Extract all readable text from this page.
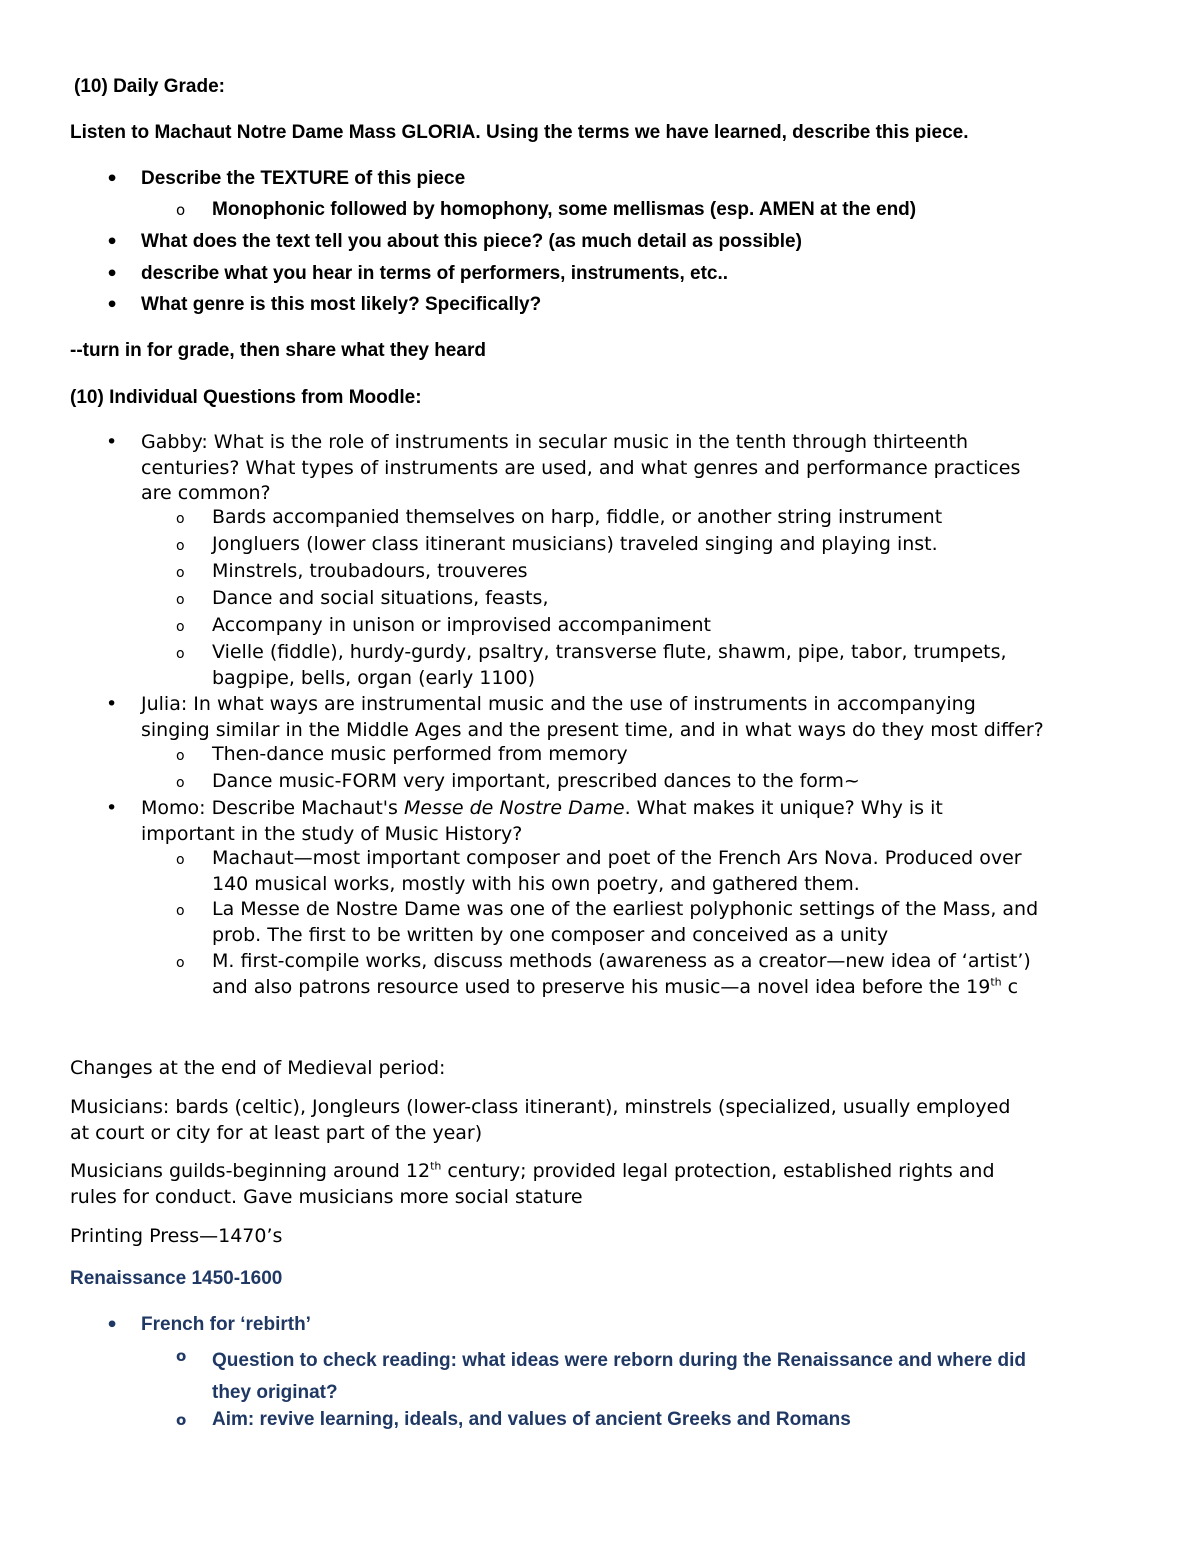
(10) Daily Grade:

Listen to Machaut Notre Dame Mass GLORIA. Using the terms we have learned, describe this piece.

• Describe the TEXTURE of this piece

o Monophonic followed by homophony, some mellismas (esp. AMEN at the end)

• What does the text tell you about this piece? (as much detail as possible)

• describe what you hear in terms of performers, instruments, etc..

• What genre is this most likely? Specifically?

--turn in for grade, then share what they heard

(10) Individual Questions from Moodle:

• Gabby: What is the role of instruments in secular music in the tenth through thirteenth
centuries? What types of instruments are used, and what genres and performance practices
are common?
o Bards accompanied themselves on harp, fiddle, or another string instrument

o Jongluers (lower class itinerant musicians) traveled singing and playing inst.

o Minstrels, troubadours, trouveres

o Dance and social situations, feasts,

o Accompany in unison or improvised accompaniment

o Vielle (fiddle), hurdy-gurdy, psaltry, transverse flute, shawm, pipe, tabor, trumpets,
bagpipe, bells, organ (early 1100)
• Julia: In what ways are instrumental music and the use of instruments in accompanying
singing similar in the Middle Ages and the present time, and in what ways do they most differ?
o Then-dance music performed from memory

o Dance music-FORM very important, prescribed dances to the form~

• Momo: Describe Machaut's Messe de Nostre Dame. What makes it unique? Why is it
important in the study of Music History?
o Machaut—most important composer and poet of the French Ars Nova. Produced over
140 musical works, mostly with his own poetry, and gathered them.
o La Messe de Nostre Dame was one of the earliest polyphonic settings of the Mass, and
prob. The first to be written by one composer and conceived as a unity
o M. first-compile works, discuss methods (awareness as a creator—new idea of ‘artist’)
and also patrons resource used to preserve his music—a novel idea before the 19th c

Changes at the end of Medieval period:

Musicians: bards (celtic), Jongleurs (lower-class itinerant), minstrels (specialized, usually employed
at court or city for at least part of the year)
Musicians guilds-beginning around 12th century; provided legal protection, established rights and
rules for conduct. Gave musicians more social stature

Printing Press—1470’s

Renaissance 1450-1600

• French for ‘rebirth’

o Question to check reading: what ideas were reborn during the Renaissance and where did
they originat?
o Aim: revive learning, ideals, and values of ancient Greeks and Romans
